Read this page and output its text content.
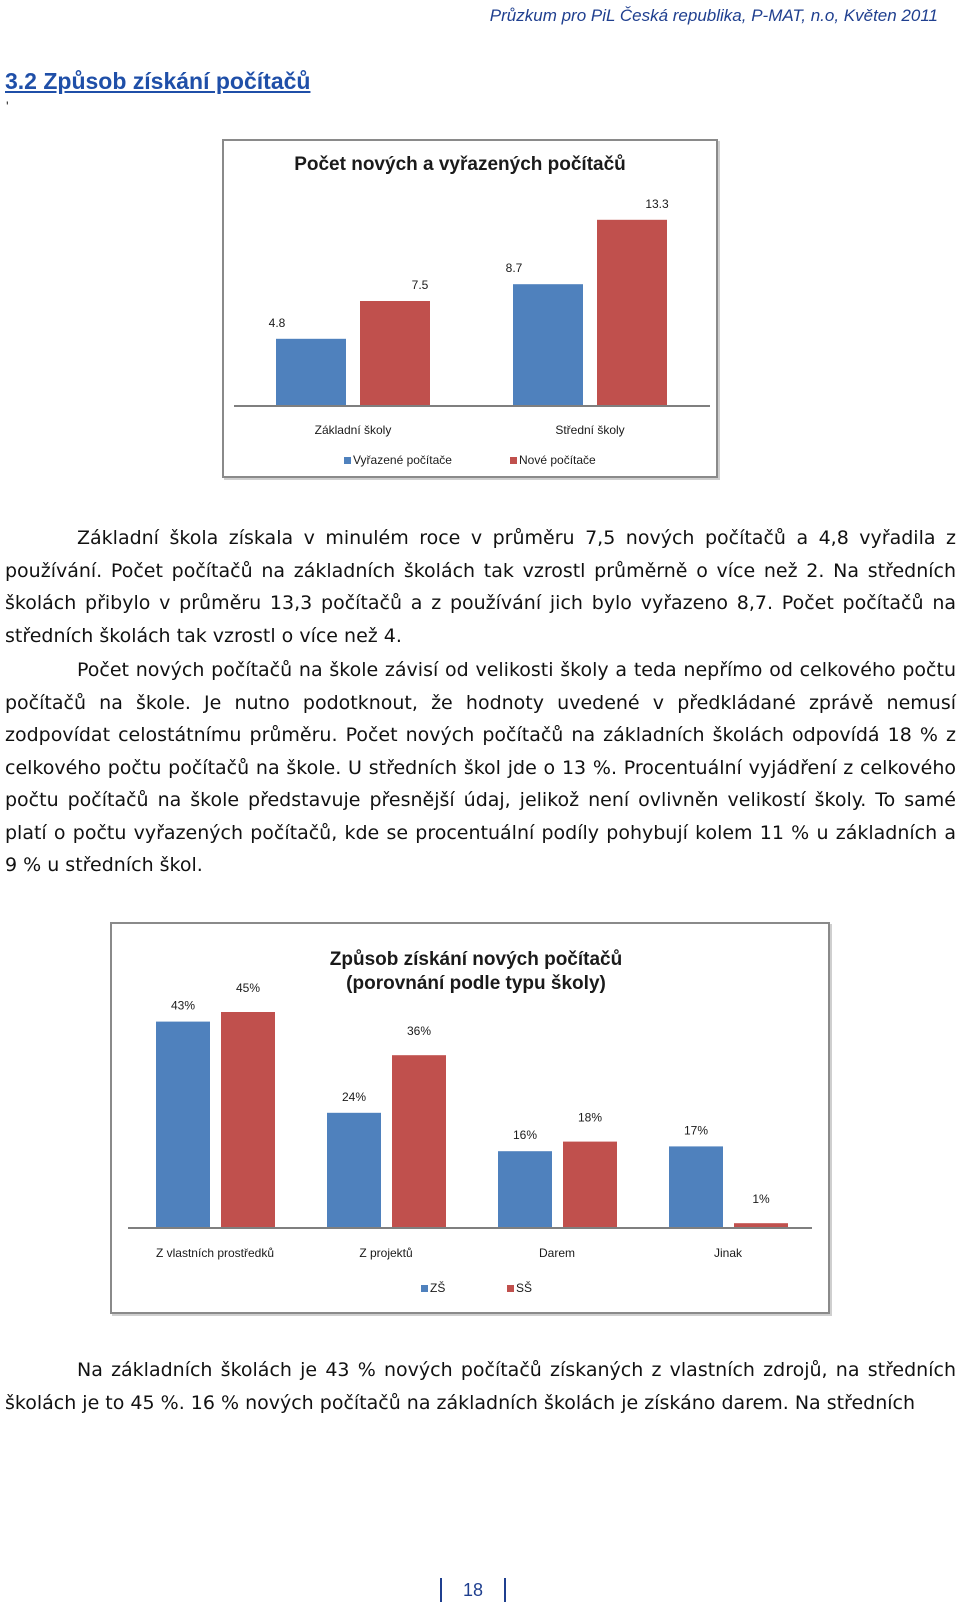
Průzkum pro PiL Česká republika, P-MAT, n.o, Květen 2011
3.2 Způsob získání počítačů
ʹ
Počet nových a vyřazených počítačů
4.8
7.5
Základní školy
8.7
13.3
Střední školy
Vyřazené počítače	Nové počítače

Základní škola získala v minulém roce v průměru 7,5 nových počítačů a 4,8 vyřadila z používání. Počet počítačů na základních školách tak vzrostl průměrně o více než 2. Na středních školách přibylo v průměru 13,3 počítačů a z používání jich bylo vyřazeno 8,7. Počet počítačů na středních školách tak vzrostl o více než 4.

Počet nových počítačů na škole závisí od velikosti školy a teda nepřímo od celkového počtu počítačů na škole. Je nutno podotknout, že hodnoty uvedené v předkládané zprávě nemusí zodpovídat celostátnímu průměru. Počet nových počítačů na základních školách odpovídá 18 % z celkového počtu počítačů na škole. U středních škol jde o 13 %. Procentuální vyjádření z celkového počtu počítačů na škole představuje přesnější údaj, jelikož není ovlivněn velikostí školy. To samé platí o počtu vyřazených počítačů, kde se procentuální podíly pohybují kolem 11 % u základních a 9 % u středních škol.

Způsob získání nových počítačů
(porovnání podle typu školy)
43%
45%
Z vlastních prostředků
24%
36%
Z projektů
16%
18%
Darem
17%
1%
Jinak
ZŠ	SŠ

Na základních školách je 43 % nových počítačů získaných z vlastních zdrojů, na středních školách je to 45 %. 16 % nových počítačů na základních školách je získáno darem. Na středních

18
